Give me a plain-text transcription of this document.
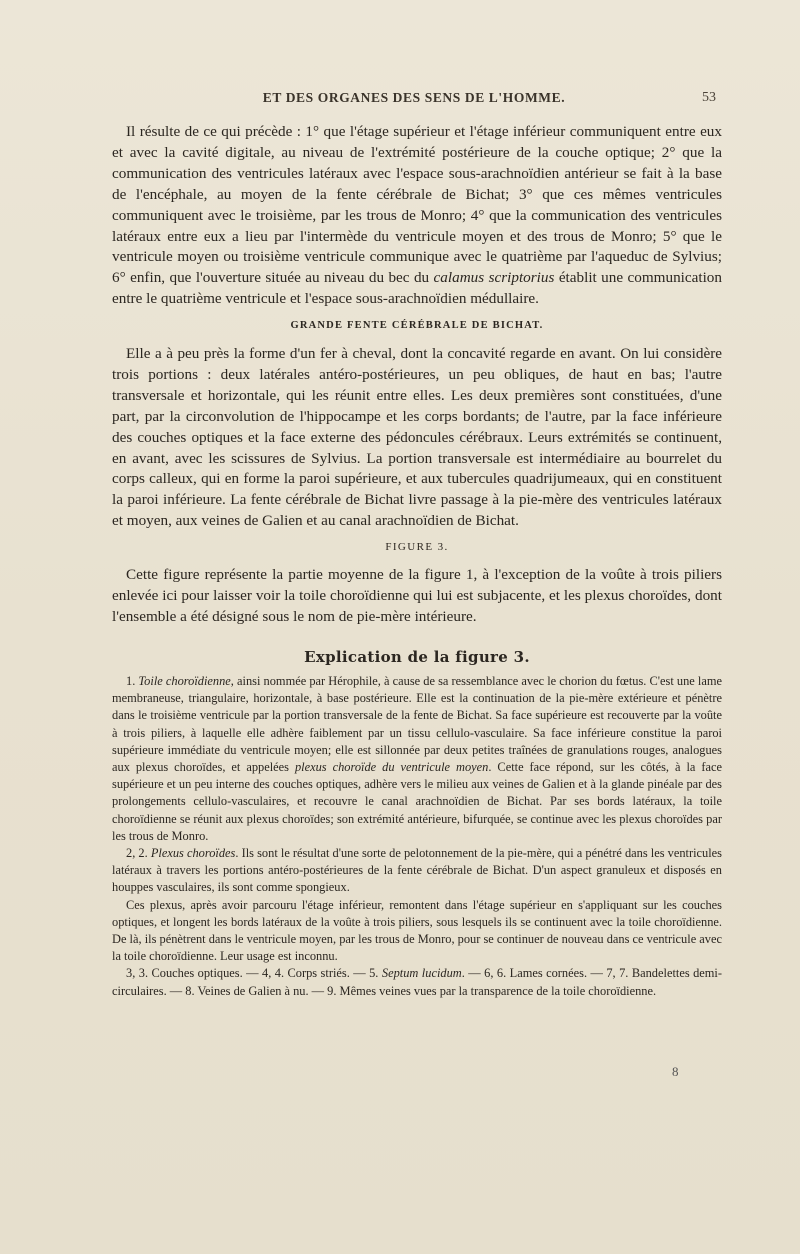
ET DES ORGANES DES SENS DE L'HOMME.	53

Il résulte de ce qui précède : 1° que l'étage supérieur et l'étage inférieur communiquent entre eux et avec la cavité digitale, au niveau de l'extrémité postérieure de la couche optique; 2° que la communication des ventricules latéraux avec l'espace sous-arachnoïdien antérieur se fait à la base de l'encéphale, au moyen de la fente cérébrale de Bichat; 3° que ces mêmes ventricules communiquent avec le troisième, par les trous de Monro; 4° que la communication des ventricules latéraux entre eux a lieu par l'intermède du ventricule moyen et des trous de Monro; 5° que le ventricule moyen ou troisième ventricule communique avec le quatrième par l'aqueduc de Sylvius; 6° enfin, que l'ouverture située au niveau du bec du calamus scriptorius établit une communication entre le quatrième ventricule et l'espace sous-arachnoïdien médullaire.

GRANDE FENTE CÉRÉBRALE DE BICHAT.

Elle a à peu près la forme d'un fer à cheval, dont la concavité regarde en avant. On lui considère trois portions : deux latérales antéro-postérieures, un peu obliques, de haut en bas; l'autre transversale et horizontale, qui les réunit entre elles. Les deux premières sont constituées, d'une part, par la circonvolution de l'hippocampe et les corps bordants; de l'autre, par la face inférieure des couches optiques et la face externe des pédoncules cérébraux. Leurs extrémités se continuent, en avant, avec les scissures de Sylvius. La portion transversale est intermédiaire au bourrelet du corps calleux, qui en forme la paroi supérieure, et aux tubercules quadrijumeaux, qui en constituent la paroi inférieure. La fente cérébrale de Bichat livre passage à la pie-mère des ventricules latéraux et moyen, aux veines de Galien et au canal arachnoïdien de Bichat.

FIGURE 3.

Cette figure représente la partie moyenne de la figure 1, à l'exception de la voûte à trois piliers enlevée ici pour laisser voir la toile choroïdienne qui lui est subjacente, et les plexus choroïdes, dont l'ensemble a été désigné sous le nom de pie-mère intérieure.

Explication de la figure 3.

1. Toile choroïdienne, ainsi nommée par Hérophile, à cause de sa ressemblance avec le chorion du fœtus. C'est une lame membraneuse, triangulaire, horizontale, à base postérieure. Elle est la continuation de la pie-mère extérieure et pénètre dans le troisième ventricule par la portion transversale de la fente de Bichat. Sa face supérieure est recouverte par la voûte à trois piliers, à laquelle elle adhère faiblement par un tissu cellulo-vasculaire. Sa face inférieure constitue la paroi supérieure immédiate du ventricule moyen; elle est sillonnée par deux petites traînées de granulations rouges, analogues aux plexus choroïdes, et appelées plexus choroïde du ventricule moyen. Cette face répond, sur les côtés, à la face supérieure et un peu interne des couches optiques, adhère vers le milieu aux veines de Galien et à la glande pinéale par des prolongements cellulo-vasculaires, et recouvre le canal arachnoïdien de Bichat. Par ses bords latéraux, la toile choroïdienne se réunit aux plexus choroïdes; son extrémité antérieure, bifurquée, se continue avec les plexus choroïdes par les trous de Monro.

2, 2. Plexus choroïdes. Ils sont le résultat d'une sorte de pelotonnement de la pie-mère, qui a pénétré dans les ventricules latéraux à travers les portions antéro-postérieures de la fente cérébrale de Bichat. D'un aspect granuleux et disposés en houppes vasculaires, ils sont comme spongieux.

Ces plexus, après avoir parcouru l'étage inférieur, remontent dans l'étage supérieur en s'appliquant sur les couches optiques, et longent les bords latéraux de la voûte à trois piliers, sous lesquels ils se continuent avec la toile choroïdienne. De là, ils pénètrent dans le ventricule moyen, par les trous de Monro, pour se continuer de nouveau dans ce ventricule avec la toile choroïdienne. Leur usage est inconnu.

3, 3. Couches optiques. — 4, 4. Corps striés. — 5. Septum lucidum. — 6, 6. Lames cornées. — 7, 7. Bandelettes demi-circulaires. — 8. Veines de Galien à nu. — 9. Mêmes veines vues par la transparence de la toile choroïdienne.

8
